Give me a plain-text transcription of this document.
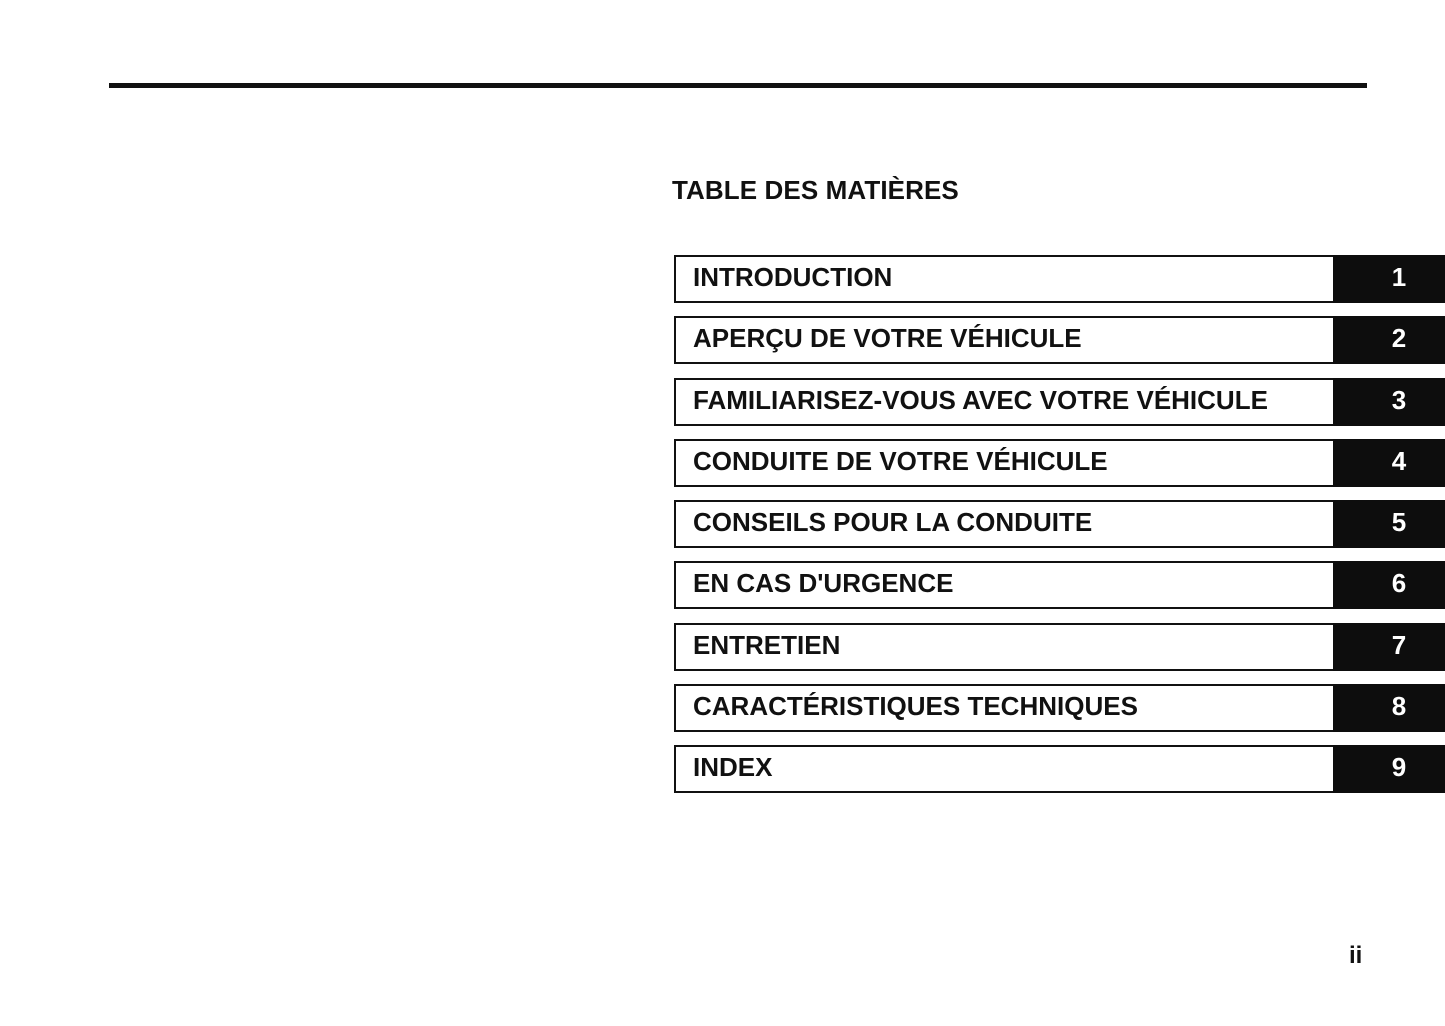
TABLE DES MATIÈRES
INTRODUCTION	1
APERÇU DE VOTRE VÉHICULE	2
FAMILIARISEZ-VOUS AVEC VOTRE VÉHICULE	3
CONDUITE DE VOTRE VÉHICULE	4
CONSEILS POUR LA CONDUITE	5
EN CAS D'URGENCE	6
ENTRETIEN	7
CARACTÉRISTIQUES TECHNIQUES	8
INDEX	9
ii
